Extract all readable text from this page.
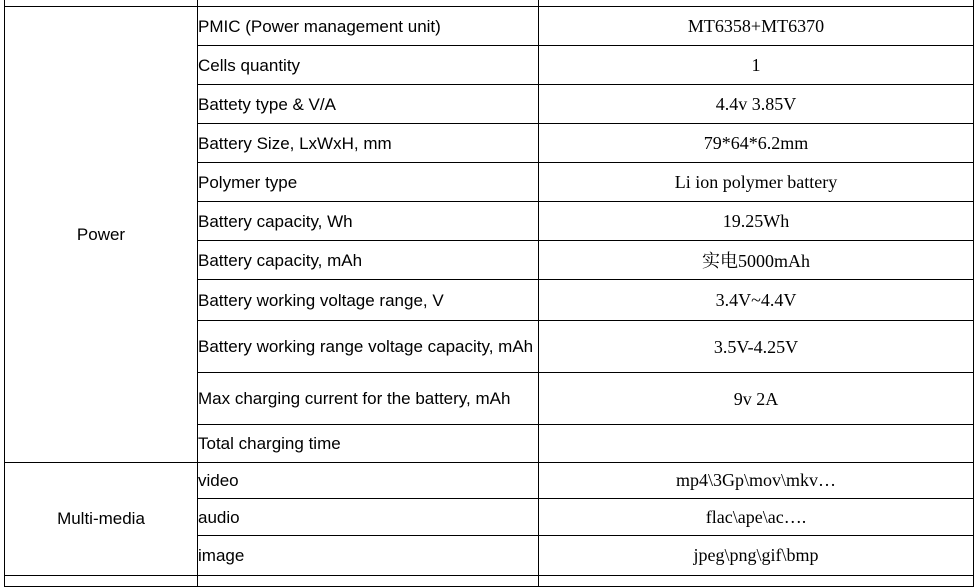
Power	PMIC (Power management unit)	MT6358+MT6370
	Cells quantity	1
	Battety type & V/A	4.4v 3.85V
	Battery Size, LxWxH, mm	79*64*6.2mm
	Polymer type	Li ion polymer battery
	Battery capacity, Wh	19.25Wh
	Battery capacity, mAh	实电5000mAh
	Battery working voltage range, V	3.4V~4.4V
	Battery working range voltage capacity, mAh	3.5V-4.25V
	Max charging current for the battery, mAh	9v 2A
	Total charging time	
Multi-media	video	mp4\3Gp\mov\mkv…
	audio	flac\ape\ac….
	image	jpeg\png\gif\bmp
